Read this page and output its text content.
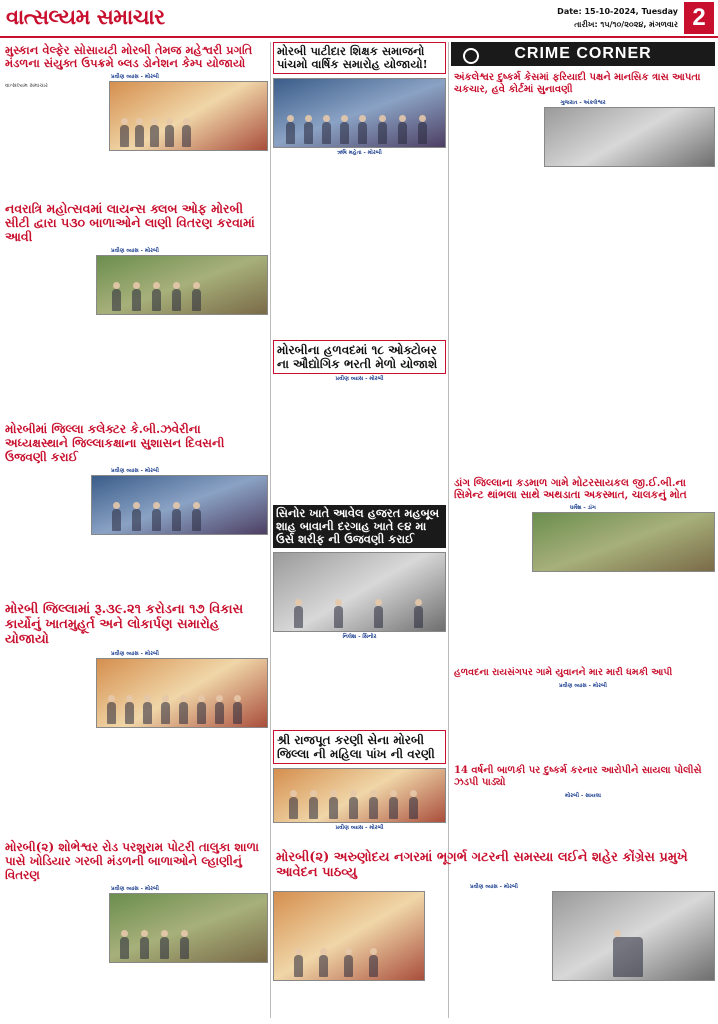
વાત્સલ્યમ સમાચાર	Date: 15-10-2024, Tuesday
તારીખ: ૧૫/૧૦/૨૦૨૪, મંગળવાર 2
મુસ્કાન વેલ્ફેર સોસાયટી મોરબી તેમજ મહેશ્વરી પ્રગતિ મંડળના સંયુક્ત ઉપક્રમે બ્લડ ડોનેશન કેમ્પ યોજાયો
પ્રવીણ વ્યાસ - મોરબી
વાત્સલ્યમ સમાચાર
મોરબી પાટીદાર શિક્ષક સમાજનો પાંચમો વાર્ષિક સમારોહ યોજાયો!
ઋષિ મહેતા - મોરબી
નવરાત્રિ મહોત્સવમાં લાયન્સ ક્લબ ઓફ મોરબી સીટી દ્વારા ૫૩૦ બાળાઓને લાણી વિતરણ કરવામાં આવી
પ્રવીણ વ્યાસ - મોરબી
મોરબીના હળવદમાં ૧૮ ઓક્ટોબર ના ઔદ્યોગિક ભરતી મેળો યોજાશે
પ્રવીણ વ્યાસ - મોરબી
મોરબીમાં જિલ્લા કલેક્ટર કે.બી.ઝવેરીના અધ્યક્ષસ્થાને જિલ્લાકક્ષાના સુશાસન દિવસની ઉજવણી કરાઈ
પ્રવીણ વ્યાસ - મોરબી
સિનોર ખાતે આવેલ હજરત મહબૂબ શાહ બાવાની દરગાહ ખાતે ૯૪ મા ઉર્સ શરીફ ની ઉજવણી કરાઈ
નિલેશ - સિનોર
મોરબી જિલ્લામાં રૂ.૩૯.૨૧ કરોડના ૧૭ વિકાસ કાર્યોનું ખાતમુહૂર્ત અને લોકાર્પણ સમારોહ યોજાયો
પ્રવીણ વ્યાસ - મોરબી
શ્રી રાજપૂત કરણી સેના મોરબી જિલ્લા ની મહિલા પાંખ ની વરણી
પ્રવીણ વ્યાસ - મોરબી
મોરબી(૨) શોભેશ્વર રોડ પરશુરામ પોટરી તાલુકા શાળા પાસે ખોડિયાર ગરબી મંડળની બાળાઓને લ્હાણીનું વિતરણ
પ્રવીણ વ્યાસ - મોરબી
CRIME CORNER
અંકલેશ્વર દુષ્કર્મ કેસમાં ફરિયાદી પક્ષને માનસિક ત્રાસ આપતા ચકચાર, હવે કોર્ટમાં સુનાવણી
ગુજરાત - અંકલેશ્વર
ડાંગ જિલ્લાના કડમાળ ગામે મોટરસાયકલ જી.ઈ.બી.ના સિમેન્ટ થાંભલા સાથે અથડાતા અકસ્માત, ચાલકનું મોત
ધર્મેશ - ડાંગ
હળવદના રાયસંગપર ગામે યુવાનને માર મારી ધમકી આપી
પ્રવીણ વ્યાસ - મોરબી
14 વર્ષની બાળકી પર દુષ્કર્મ કરનાર આરોપીને સાયલા પોલીસે ઝડપી પાડ્યો
મોરબી - સાયલા
મોરબી(૨) અરુણોદય નગરમાં ભૂગર્ભ ગટરની સમસ્યા લઈને શહેર કોંગ્રેસ પ્રમુખે આવેદન પાઠવ્યુ
પ્રવીણ વ્યાસ - મોરબી
